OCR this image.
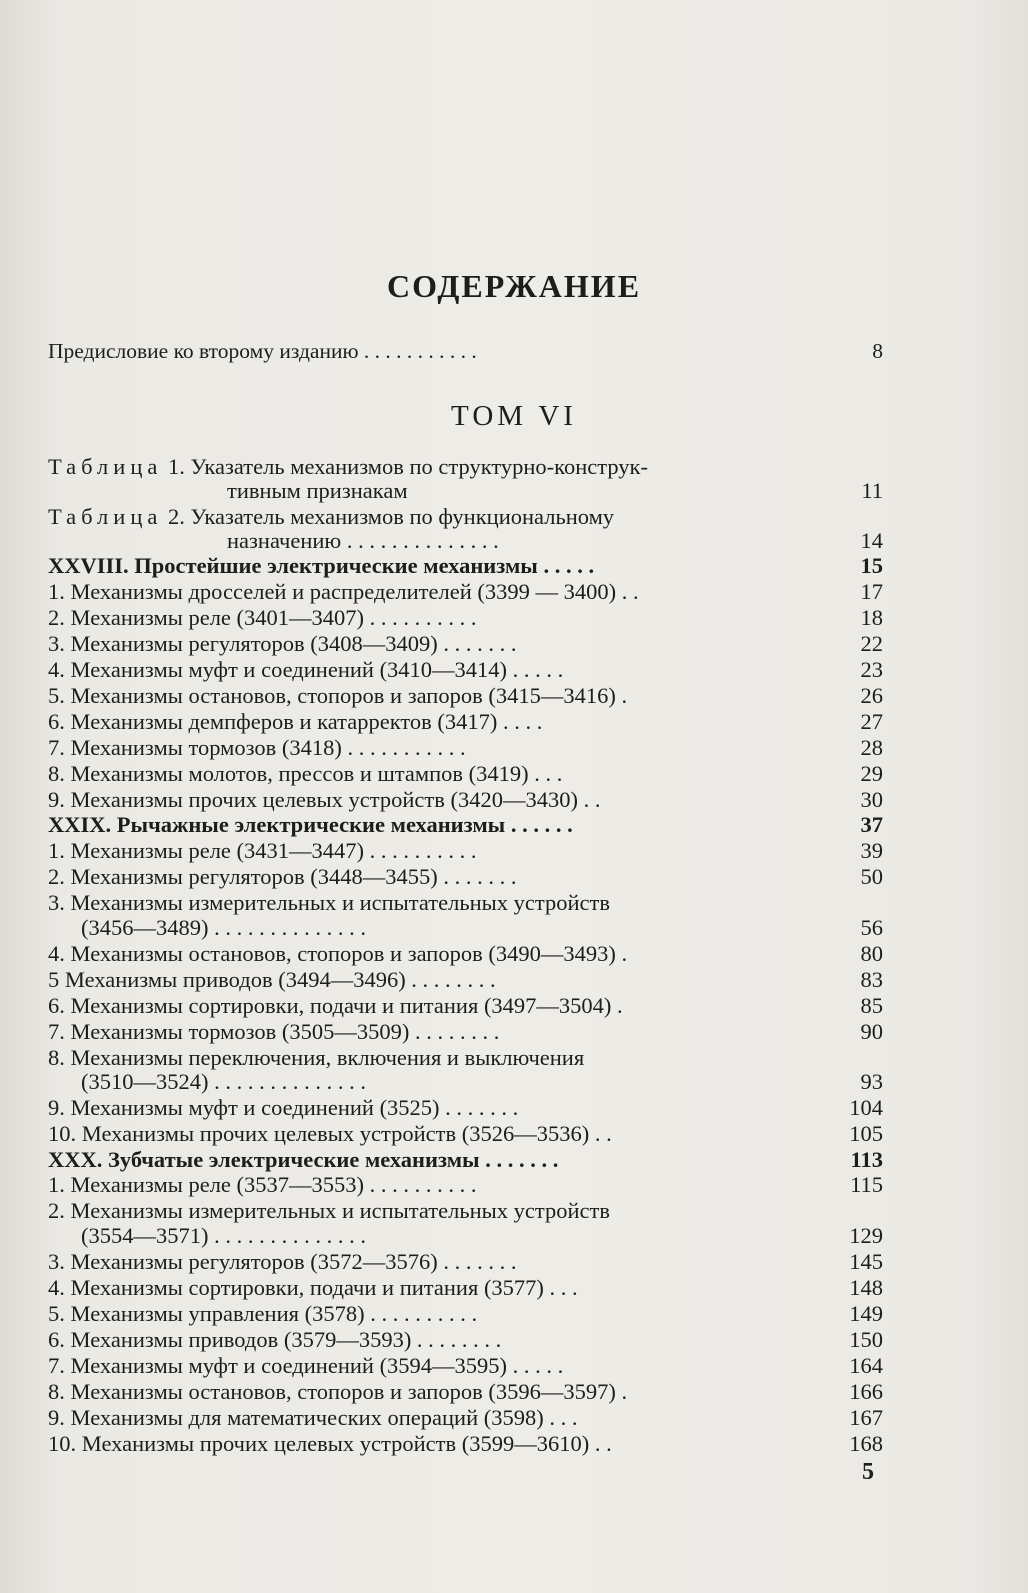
СОДЕРЖАНИЕ
ТОМ VI
Предисловие ко второму изданию . . . . . . . . . . .	8
Таблица 1. Указатель механизмов по структурно-конструк-
тивным признакам	11
Таблица 2. Указатель механизмов по функциональному
назначению . . . . . . . . . . . . . .	14
XXVIII. Простейшие электрические механизмы . . . . .	15
1. Механизмы дросселей и распределителей (3399 — 3400) . .	17
2. Механизмы реле (3401—3407) . . . . . . . . . .	18
3. Механизмы регуляторов (3408—3409) . . . . . . .	22
4. Механизмы муфт и соединений (3410—3414) . . . . .	23
5. Механизмы остановов, стопоров и запоров (3415—3416) .	26
6. Механизмы демпферов и катарректов (3417) . . . .	27
7. Механизмы тормозов (3418) . . . . . . . . . . .	28
8. Механизмы молотов, прессов и штампов (3419) . . .	29
9. Механизмы прочих целевых устройств (3420—3430) . .	30
XXIX. Рычажные электрические механизмы . . . . . .	37
1. Механизмы реле (3431—3447) . . . . . . . . . .	39
2. Механизмы регуляторов (3448—3455) . . . . . . .	50
3. Механизмы измерительных и испытательных устройств
(3456—3489) . . . . . . . . . . . . . .	56
4. Механизмы остановов, стопоров и запоров (3490—3493) .	80
5 Механизмы приводов (3494—3496) . . . . . . . .	83
6. Механизмы сортировки, подачи и питания (3497—3504) .	85
7. Механизмы тормозов (3505—3509) . . . . . . . .	90
8. Механизмы переключения, включения и выключения
(3510—3524) . . . . . . . . . . . . . .	93
9. Механизмы муфт и соединений (3525) . . . . . . .	104
10. Механизмы прочих целевых устройств (3526—3536) . .	105
XXX. Зубчатые электрические механизмы . . . . . . .	113
1. Механизмы реле (3537—3553) . . . . . . . . . .	115
2. Механизмы измерительных и испытательных устройств
(3554—3571) . . . . . . . . . . . . . .	129
3. Механизмы регуляторов (3572—3576) . . . . . . .	145
4. Механизмы сортировки, подачи и питания (3577) . . .	148
5. Механизмы управления (3578) . . . . . . . . . .	149
6. Механизмы приводов (3579—3593) . . . . . . . .	150
7. Механизмы муфт и соединений (3594—3595) . . . . .	164
8. Механизмы остановов, стопоров и запоров (3596—3597) .	166
9. Механизмы для математических операций (3598) . . .	167
10. Механизмы прочих целевых устройств (3599—3610) . .	168
5
